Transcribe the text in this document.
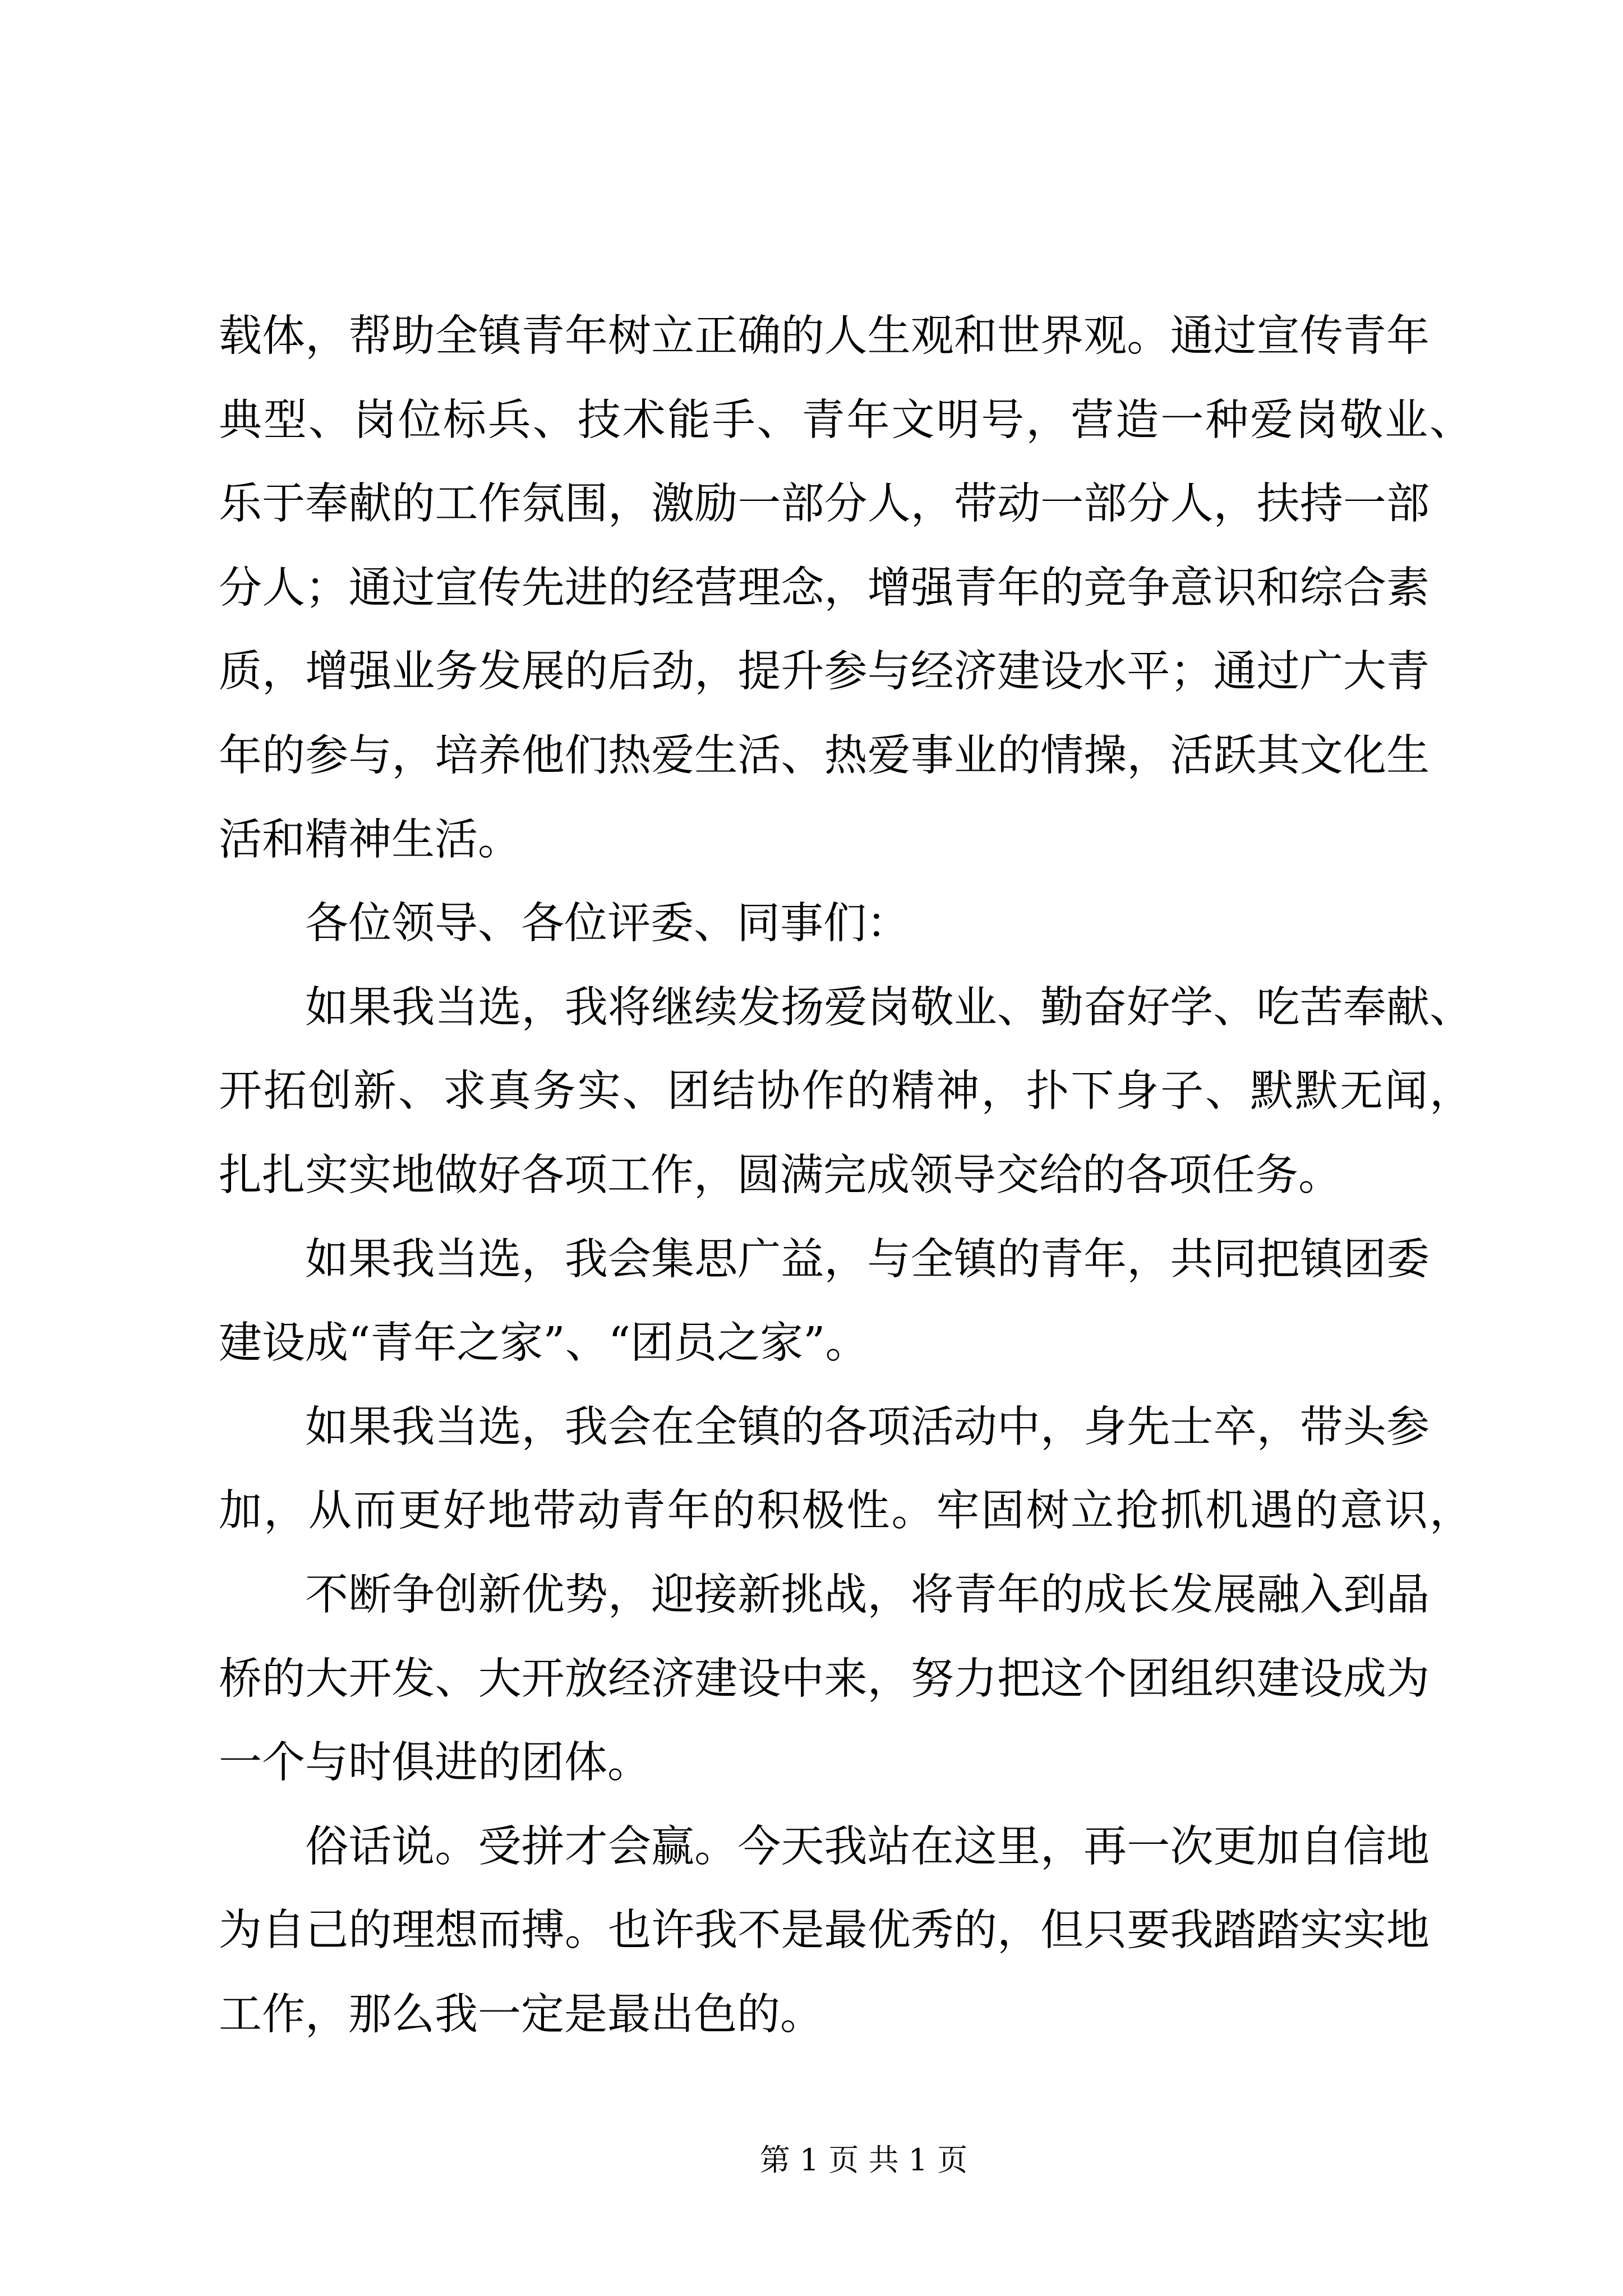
载体，帮助全镇青年树立正确的人生观和世界观。通过宣传青年
典型、岗位标兵、技术能手、青年文明号，营造一种爱岗敬业、
乐于奉献的工作氛围，激励一部分人，带动一部分人，扶持一部
分人；通过宣传先进的经营理念，增强青年的竞争意识和综合素
质，增强业务发展的后劲，提升参与经济建设水平；通过广大青
年的参与，培养他们热爱生活、热爱事业的情操，活跃其文化生
活和精神生活。
各位领导、各位评委、同事们：
如果我当选，我将继续发扬爱岗敬业、勤奋好学、吃苦奉献、
开拓创新、求真务实、团结协作的精神，扑下身子、默默无闻，
扎扎实实地做好各项工作，圆满完成领导交给的各项任务。
如果我当选，我会集思广益，与全镇的青年，共同把镇团委
建设成“青年之家”、“团员之家”。
如果我当选，我会在全镇的各项活动中，身先士卒，带头参
加，从而更好地带动青年的积极性。牢固树立抢抓机遇的意识，
不断争创新优势，迎接新挑战，将青年的成长发展融入到晶
桥的大开发、大开放经济建设中来，努力把这个团组织建设成为
一个与时俱进的团体。
俗话说。受拼才会赢。今天我站在这里，再一次更加自信地
为自己的理想而搏。也许我不是最优秀的，但只要我踏踏实实地
工作，那么我一定是最出色的。
第 1 页 共 1 页
